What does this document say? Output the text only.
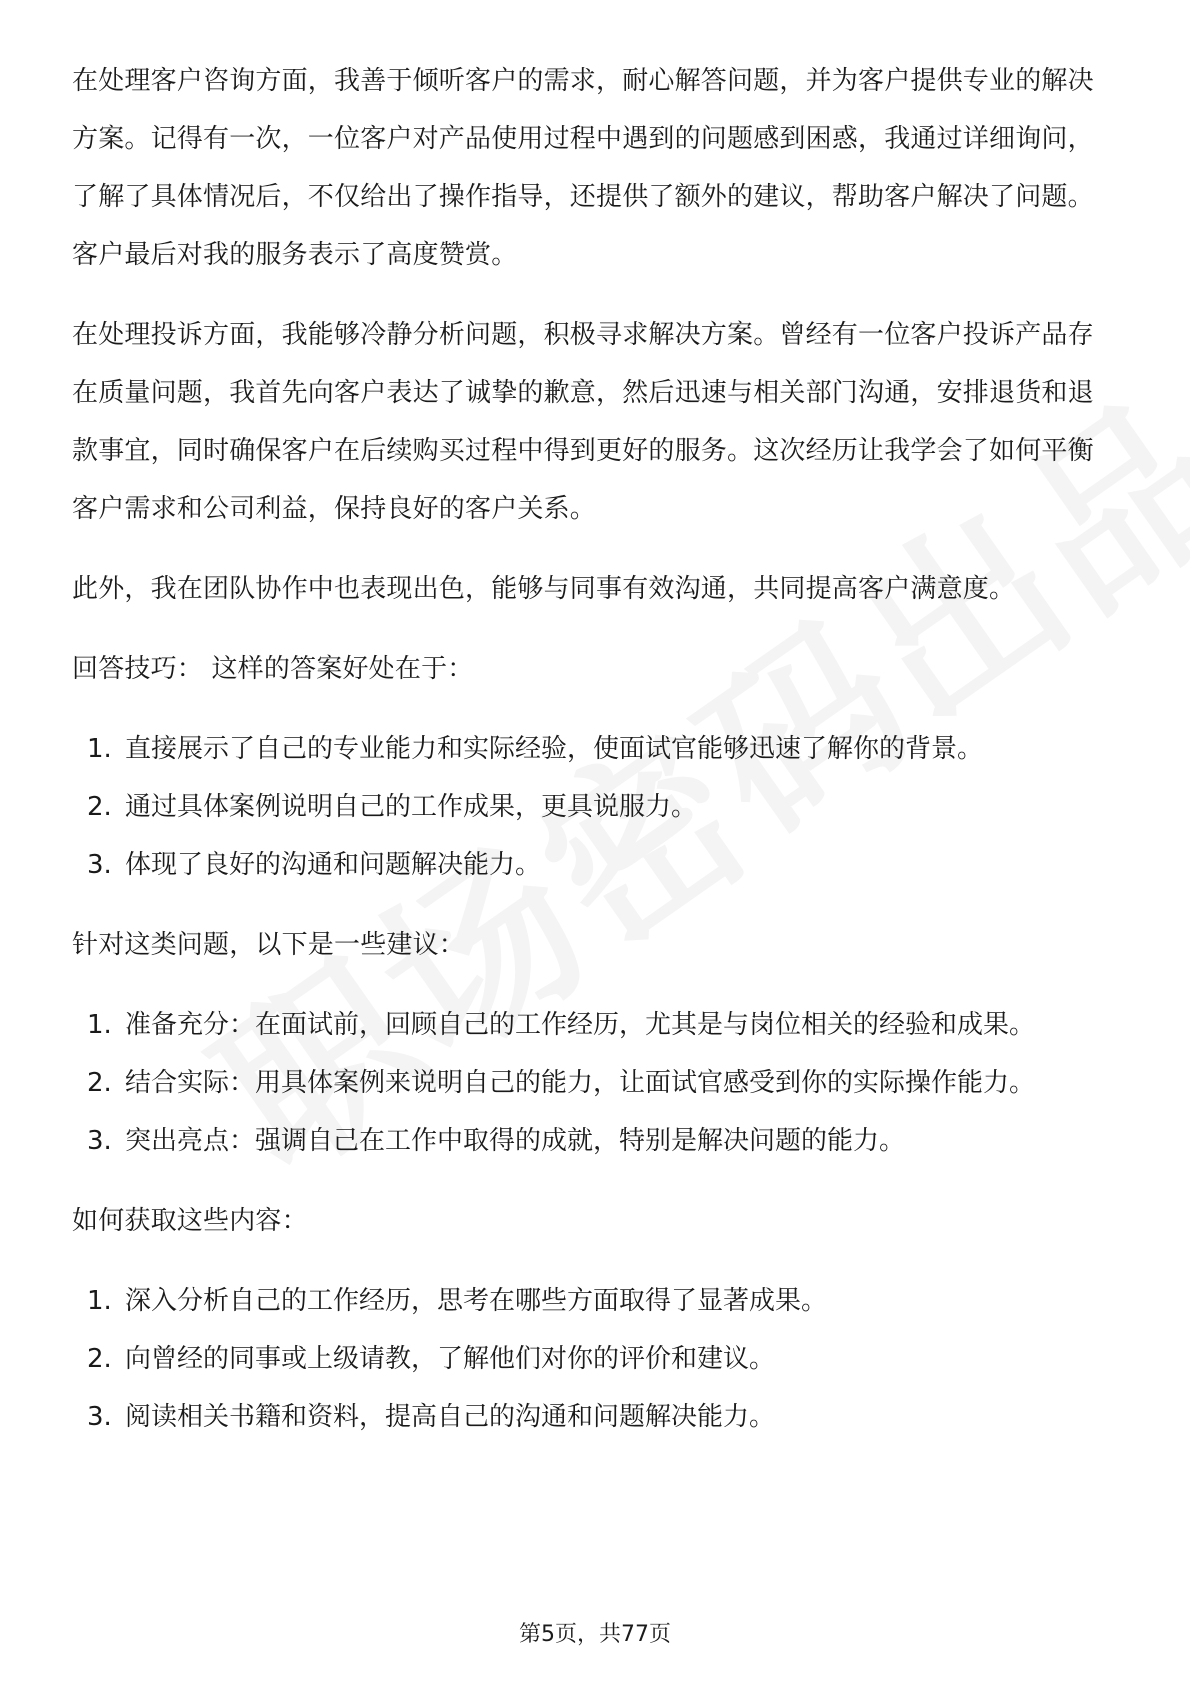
在处理客户咨询方面，我善于倾听客户的需求，耐心解答问题，并为客户提供专业的解决方案。记得有一次，一位客户对产品使用过程中遇到的问题感到困惑，我通过详细询问，了解了具体情况后，不仅给出了操作指导，还提供了额外的建议，帮助客户解决了问题。客户最后对我的服务表示了高度赞赏。

在处理投诉方面，我能够冷静分析问题，积极寻求解决方案。曾经有一位客户投诉产品存在质量问题，我首先向客户表达了诚挚的歉意，然后迅速与相关部门沟通，安排退货和退款事宜，同时确保客户在后续购买过程中得到更好的服务。这次经历让我学会了如何平衡客户需求和公司利益，保持良好的客户关系。

此外，我在团队协作中也表现出色，能够与同事有效沟通，共同提高客户满意度。

回答技巧： 这样的答案好处在于：

1. 直接展示了自己的专业能力和实际经验，使面试官能够迅速了解你的背景。
2. 通过具体案例说明自己的工作成果，更具说服力。
3. 体现了良好的沟通和问题解决能力。

针对这类问题，以下是一些建议：

1. 准备充分：在面试前，回顾自己的工作经历，尤其是与岗位相关的经验和成果。
2. 结合实际：用具体案例来说明自己的能力，让面试官感受到你的实际操作能力。
3. 突出亮点：强调自己在工作中取得的成就，特别是解决问题的能力。

如何获取这些内容：

1. 深入分析自己的工作经历，思考在哪些方面取得了显著成果。
2. 向曾经的同事或上级请教，了解他们对你的评价和建议。
3. 阅读相关书籍和资料，提高自己的沟通和问题解决能力。
第5页，共77页
